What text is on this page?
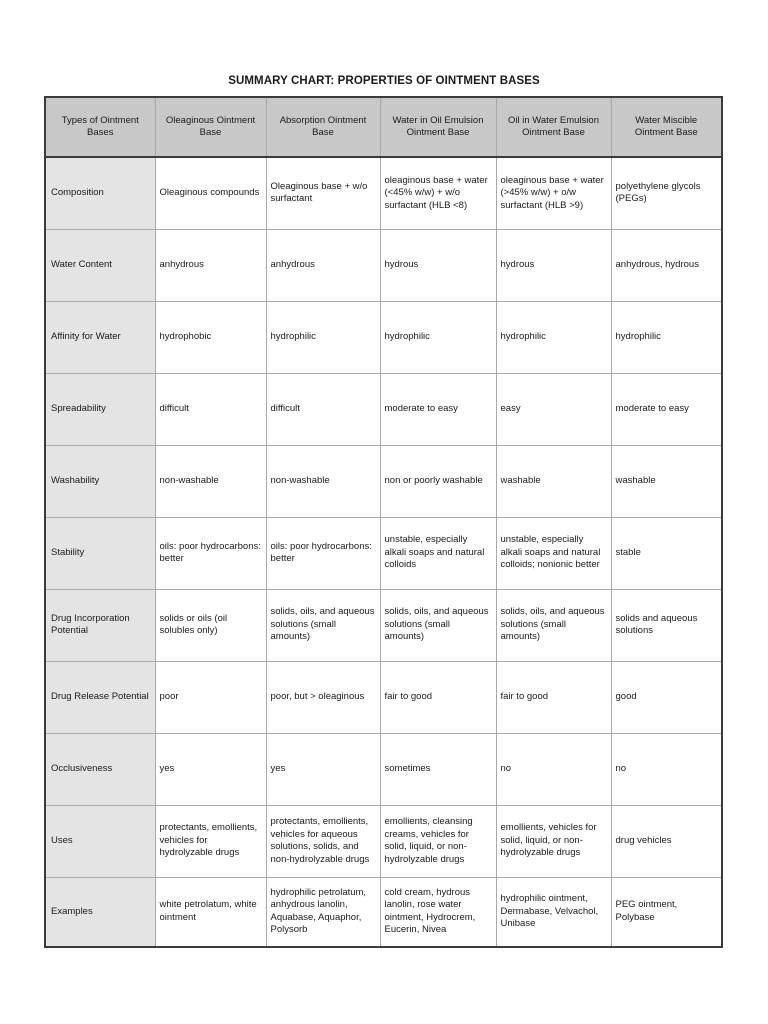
SUMMARY CHART: PROPERTIES OF OINTMENT BASES
Types of Ointment Bases	Oleaginous Ointment Base	Absorption Ointment Base	Water in Oil Emulsion Ointment Base	Oil in Water Emulsion Ointment Base	Water Miscible Ointment Base
Composition	Oleaginous compounds	Oleaginous base + w/o surfactant	oleaginous base + water (<45% w/w) + w/o surfactant (HLB <8)	oleaginous base + water (>45% w/w) + o/w surfactant (HLB >9)	polyethylene glycols (PEGs)
Water Content	anhydrous	anhydrous	hydrous	hydrous	anhydrous, hydrous
Affinity for Water	hydrophobic	hydrophilic	hydrophilic	hydrophilic	hydrophilic
Spreadability	difficult	difficult	moderate to easy	easy	moderate to easy
Washability	non-washable	non-washable	non or poorly washable	washable	washable
Stability	oils: poor hydrocarbons: better	oils: poor hydrocarbons: better	unstable, especially alkali soaps and natural colloids	unstable, especially alkali soaps and natural colloids; nonionic better	stable
Drug Incorporation Potential	solids or oils (oil solubles only)	solids, oils, and aqueous solutions (small amounts)	solids, oils, and aqueous solutions (small amounts)	solids, oils, and aqueous solutions (small amounts)	solids and aqueous solutions
Drug Release Potential	poor	poor, but > oleaginous	fair to good	fair to good	good
Occlusiveness	yes	yes	sometimes	no	no
Uses	protectants, emollients, vehicles for hydrolyzable drugs	protectants, emollients, vehicles for aqueous solutions, solids, and non-hydrolyzable drugs	emollients, cleansing creams, vehicles for solid, liquid, or non-hydrolyzable drugs	emollients, vehicles for solid, liquid, or non-hydrolyzable drugs	drug vehicles
Examples	white petrolatum, white ointment	hydrophilic petrolatum, anhydrous lanolin, Aquabase, Aquaphor, Polysorb	cold cream, hydrous lanolin, rose water ointment, Hydrocrem, Eucerin, Nivea	hydrophilic ointment, Dermabase, Velvachol, Unibase	PEG ointment, Polybase
